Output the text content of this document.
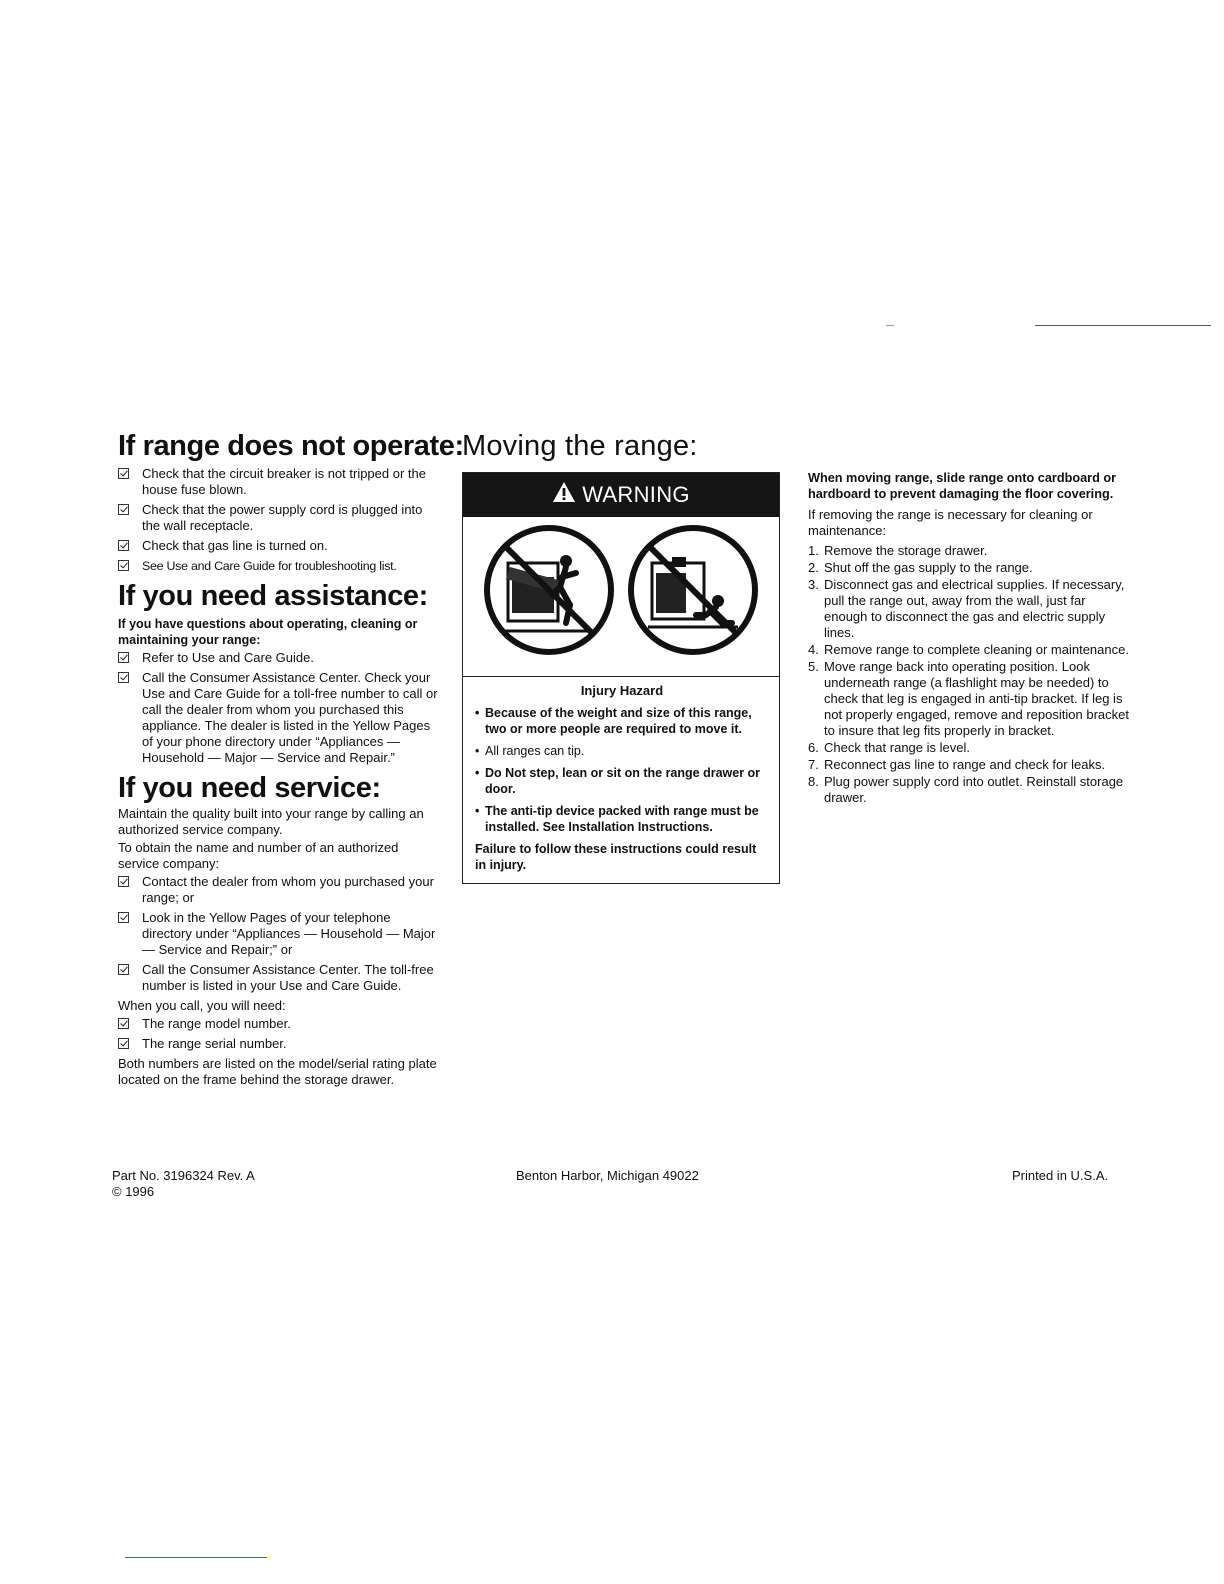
If range does not operate:
Check that the circuit breaker is not tripped or the house fuse blown.
Check that the power supply cord is plugged into the wall receptacle.
Check that gas line is turned on.
See Use and Care Guide for troubleshooting list.
If you need assistance:

If you have questions about operating, cleaning or maintaining your range:

Refer to Use and Care Guide.
Call the Consumer Assistance Center. Check your Use and Care Guide for a toll-free number to call or call the dealer from whom you purchased this appliance. The dealer is listed in the Yellow Pages of your phone directory under “Appliances — Household — Major — Service and Repair.”
If you need service:

Maintain the quality built into your range by calling an authorized service company.

To obtain the name and number of an authorized service company:

Contact the dealer from whom you purchased your range; or
Look in the Yellow Pages of your telephone directory under “Appliances — Household — Major — Service and Repair;” or
Call the Consumer Assistance Center. The toll-free number is listed in your Use and Care Guide.

When you call, you will need:

The range model number.
The range serial number.

Both numbers are listed on the model/serial rating plate located on the frame behind the storage drawer.

Moving the range:
WARNING
Injury Hazard
• Because of the weight and size of this range, two or more people are required to move it.
• All ranges can tip.
• Do Not step, lean or sit on the range drawer or door.
• The anti-tip device packed with range must be installed. See Installation Instructions.

Failure to follow these instructions could result in injury.

When moving range, slide range onto cardboard or hardboard to prevent damaging the floor covering.

If removing the range is necessary for cleaning or maintenance:

1. Remove the storage drawer.
2. Shut off the gas supply to the range.
3. Disconnect gas and electrical supplies. If necessary, pull the range out, away from the wall, just far enough to disconnect the gas and electric supply lines.
4. Remove range to complete cleaning or maintenance.
5. Move range back into operating position. Look underneath range (a flashlight may be needed) to check that leg is engaged in anti-tip bracket. If leg is not properly engaged, remove and reposition bracket to insure that leg fits properly in bracket.
6. Check that range is level.
7. Reconnect gas line to range and check for leaks.
8. Plug power supply cord into outlet. Reinstall storage drawer.
Part No. 3196324 Rev. A
© 1996
Benton Harbor, Michigan 49022	Printed in U.S.A.
